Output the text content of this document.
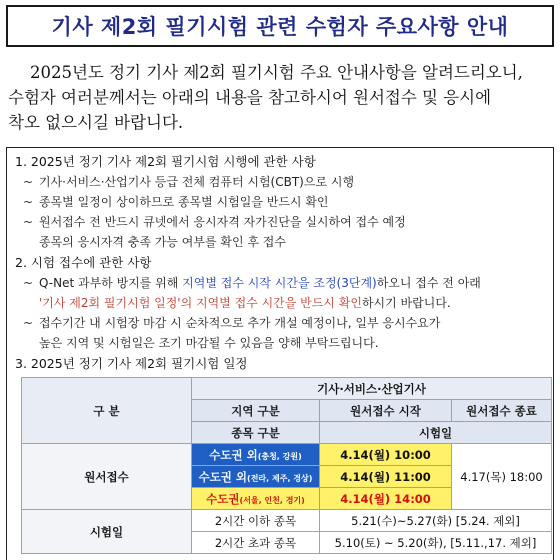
기사 제2회 필기시험 관련 수험자 주요사항 안내
2025년도 정기 기사 제2회 필기시험 주요 안내사항을 알려드리오니,
수험자 여러분께서는 아래의 내용을 참고하시어 원서접수 및 응시에
착오 없으시길 바랍니다.
1. 2025년 정기 기사 제2회 필기시험 시행에 관한 사항
~ 기사·서비스·산업기사 등급 전체 컴퓨터 시험(CBT)으로 시행
~ 종목별 일정이 상이하므로 종목별 시험일을 반드시 확인
~ 원서접수 전 반드시 큐넷에서 응시자격 자가진단을 실시하여 접수 예정
종목의 응시자격 충족 가능 여부를 확인 후 접수
2. 시험 접수에 관한 사항
~ Q-Net 과부하 방지를 위해 지역별 접수 시작 시간을 조정(3단계)하오니 접수 전 아래
'기사 제2회 필기시험 일정'의 지역별 접수 시간을 반드시 확인하시기 바랍니다.
~ 접수기간 내 시험장 마감 시 순차적으로 추가 개설 예정이나, 일부 응시수요가
높은 지역 및 시험일은 조기 마감될 수 있음을 양해 부탁드립니다.
3. 2025년 정기 기사 제2회 필기시험 일정
구 분	기사·서비스·산업기사		
	지역 구분	원서접수 시작	원서접수 종료
	종목 구분	시험일	
원서접수	수도권 외(충청, 강원)	4.14(월) 10:00	4.17(목) 18:00
	수도권 외(전라, 제주, 경상)	4.14(월) 11:00	
	수도권(서울, 인천, 경기)	4.14(월) 14:00	
시험일	2시간 이하 종목	5.21(수)~5.27(화) [5.24. 제외]	
	2시간 초과 종목	5.10(토) ~ 5.20(화), [5.11.,17. 제외]	
